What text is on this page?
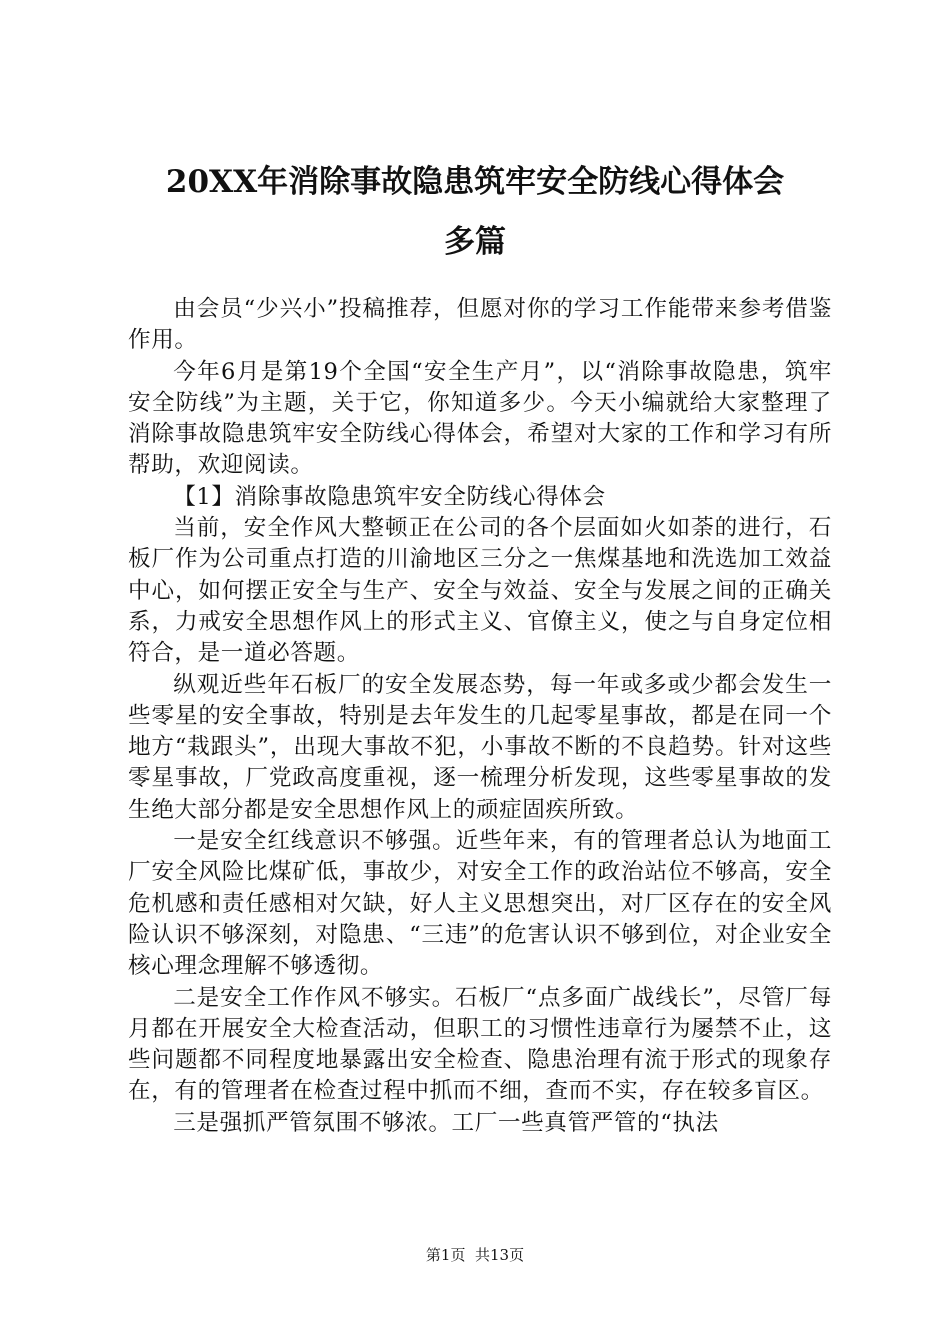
20XX年消除事故隐患筑牢安全防线心得体会
多篇

由会员“少兴小”投稿推荐，但愿对你的学习工作能带来参考借鉴作用。

今年6月是第19个全国“安全生产月”，以“消除事故隐患，筑牢安全防线”为主题，关于它，你知道多少。今天小编就给大家整理了消除事故隐患筑牢安全防线心得体会，希望对大家的工作和学习有所帮助，欢迎阅读。

【1】消除事故隐患筑牢安全防线心得体会

当前，安全作风大整顿正在公司的各个层面如火如荼的进行，石板厂作为公司重点打造的川渝地区三分之一焦煤基地和洗选加工效益中心，如何摆正安全与生产、安全与效益、安全与发展之间的正确关系，力戒安全思想作风上的形式主义、官僚主义，使之与自身定位相符合，是一道必答题。

纵观近些年石板厂的安全发展态势，每一年或多或少都会发生一些零星的安全事故，特别是去年发生的几起零星事故，都是在同一个地方“栽跟头”，出现大事故不犯，小事故不断的不良趋势。针对这些零星事故，厂党政高度重视，逐一梳理分析发现，这些零星事故的发生绝大部分都是安全思想作风上的顽症固疾所致。

一是安全红线意识不够强。近些年来，有的管理者总认为地面工厂安全风险比煤矿低，事故少，对安全工作的政治站位不够高，安全危机感和责任感相对欠缺，好人主义思想突出，对厂区存在的安全风险认识不够深刻，对隐患、“三违”的危害认识不够到位，对企业安全核心理念理解不够透彻。

二是安全工作作风不够实。石板厂“点多面广战线长”，尽管厂每月都在开展安全大检查活动，但职工的习惯性违章行为屡禁不止，这些问题都不同程度地暴露出安全检查、隐患治理有流于形式的现象存在，有的管理者在检查过程中抓而不细，查而不实，存在较多盲区。

三是强抓严管氛围不够浓。工厂一些真管严管的“执法

第1页 共13页
